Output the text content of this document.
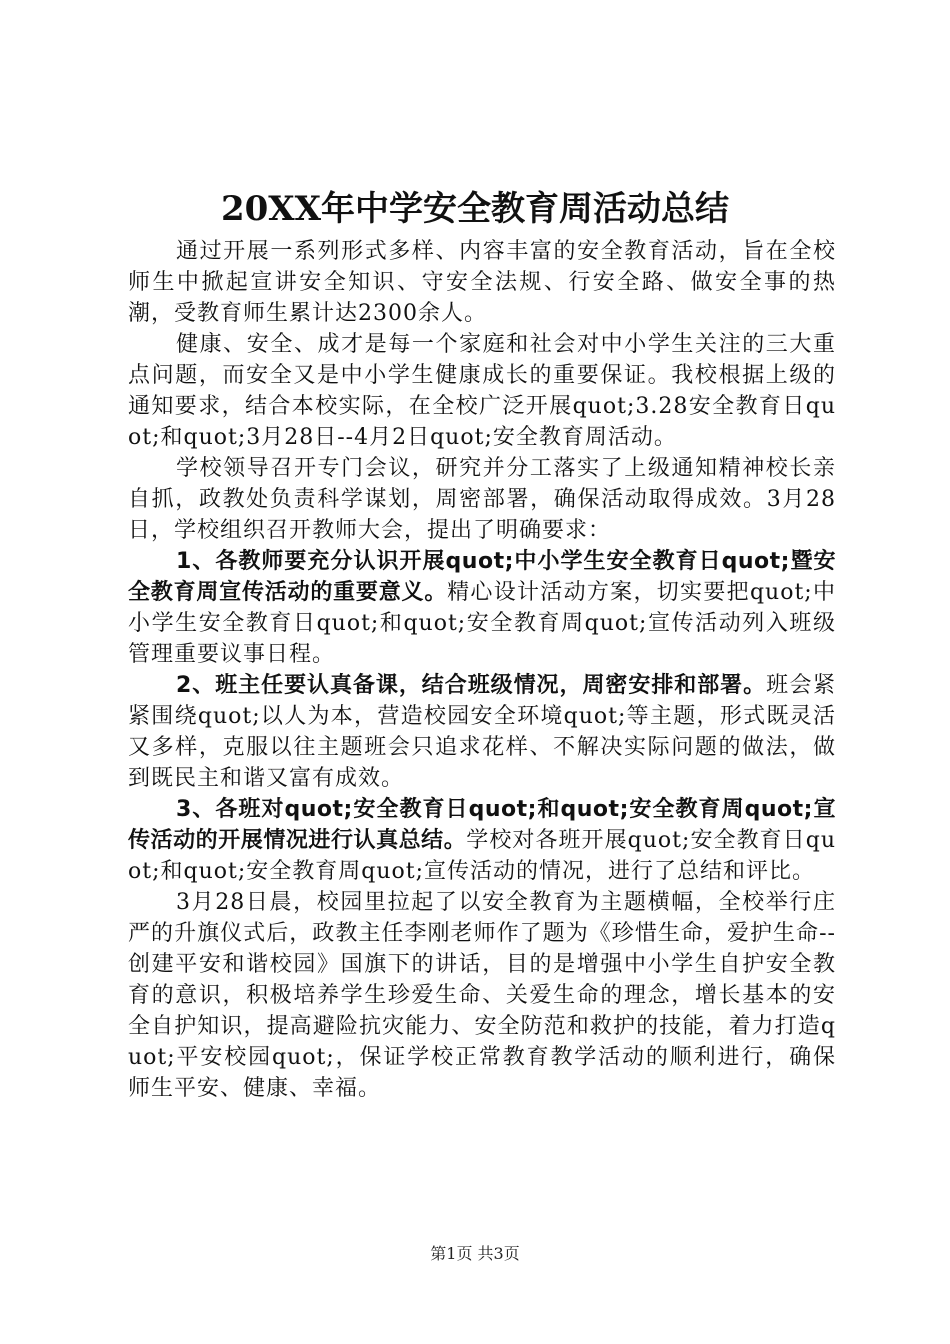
20XX年中学安全教育周活动总结

通过开展一系列形式多样、内容丰富的安全教育活动，旨在全校师生中掀起宣讲安全知识、守安全法规、行安全路、做安全事的热潮，受教育师生累计达2300余人。

健康、安全、成才是每一个家庭和社会对中小学生关注的三大重点问题，而安全又是中小学生健康成长的重要保证。我校根据上级的通知要求，结合本校实际，在全校广泛开展quot;3.28安全教育日quot;和quot;3月28日--4月2日quot;安全教育周活动。

学校领导召开专门会议，研究并分工落实了上级通知精神校长亲自抓，政教处负责科学谋划，周密部署，确保活动取得成效。3月28日，学校组织召开教师大会，提出了明确要求：

1、各教师要充分认识开展quot;中小学生安全教育日quot;暨安全教育周宣传活动的重要意义。精心设计活动方案，切实要把quot;中小学生安全教育日quot;和quot;安全教育周quot;宣传活动列入班级管理重要议事日程。

2、班主任要认真备课，结合班级情况，周密安排和部署。班会紧紧围绕quot;以人为本，营造校园安全环境quot;等主题，形式既灵活又多样，克服以往主题班会只追求花样、不解决实际问题的做法，做到既民主和谐又富有成效。

3、各班对quot;安全教育日quot;和quot;安全教育周quot;宣传活动的开展情况进行认真总结。学校对各班开展quot;安全教育日quot;和quot;安全教育周quot;宣传活动的情况，进行了总结和评比。

3月28日晨，校园里拉起了以安全教育为主题横幅，全校举行庄严的升旗仪式后，政教主任李刚老师作了题为《珍惜生命，爱护生命--创建平安和谐校园》国旗下的讲话，目的是增强中小学生自护安全教育的意识，积极培养学生珍爱生命、关爱生命的理念，增长基本的安全自护知识，提高避险抗灾能力、安全防范和救护的技能，着力打造quot;平安校园quot;，保证学校正常教育教学活动的顺利进行，确保师生平安、健康、幸福。

第1页 共3页
